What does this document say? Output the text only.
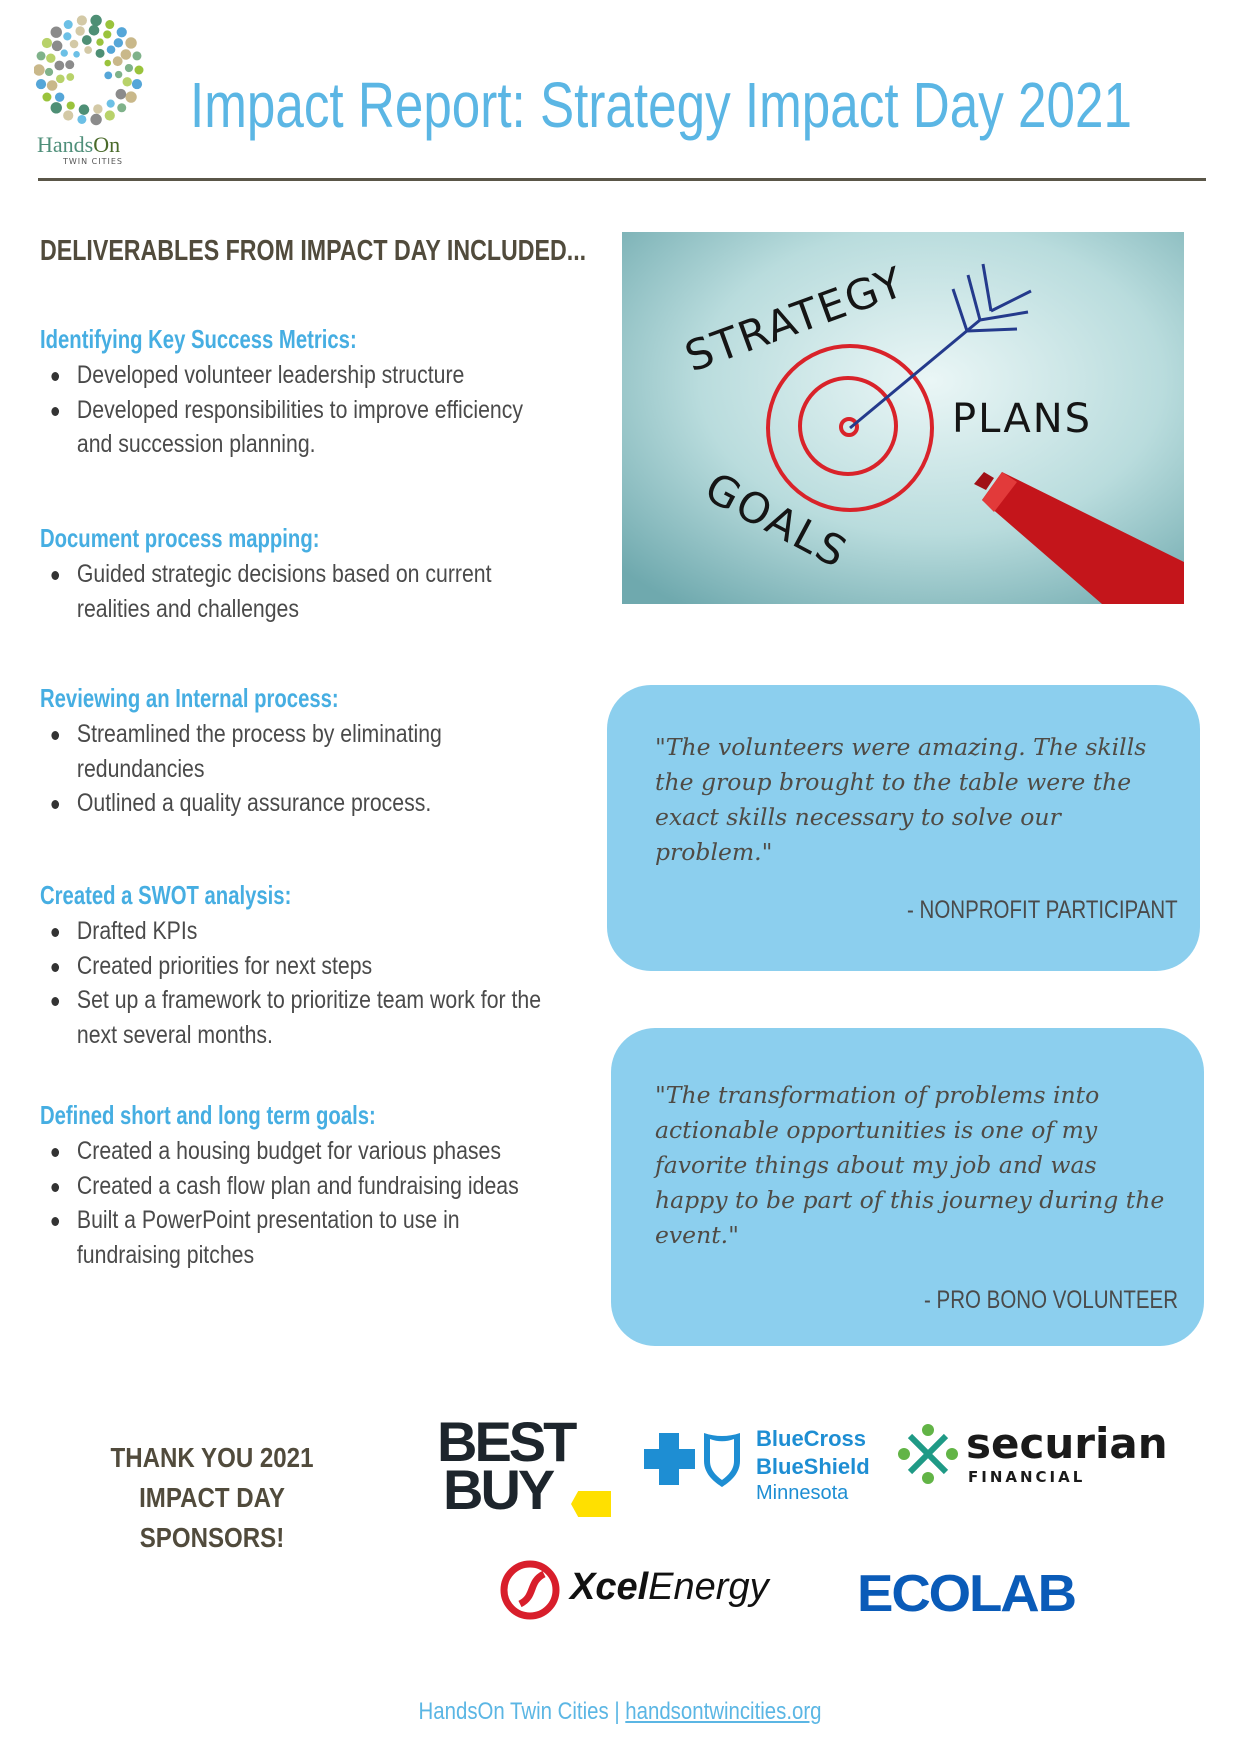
HandsOn
TWIN CITIES
Impact Report: Strategy Impact Day 2021
DELIVERABLES FROM IMPACT DAY INCLUDED...
Identifying Key Success Metrics:
Developed volunteer leadership structure
Developed responsibilities to improve efficiency and succession planning.
Document process mapping:
Guided strategic decisions based on current realities and challenges
Reviewing an Internal process:
Streamlined the process by eliminating redundancies
Outlined a quality assurance process.
Created a SWOT analysis:
Drafted KPIs
Created priorities for next steps
Set up a framework to prioritize team work for the next several months.
Defined short and long term goals:
Created a housing budget for various phases
Created a cash flow plan and fundraising ideas
Built a PowerPoint presentation to use in fundraising pitches
STRATEGY
PLANS
GOALS
"The volunteers were amazing. The skills the group brought to the table were the exact skills necessary to solve our problem."
- NONPROFIT PARTICIPANT
"The transformation of problems into actionable opportunities is one of my favorite things about my job and was happy to be part of this journey during the event."
- PRO BONO VOLUNTEER
THANK YOU 2021 IMPACT DAY SPONSORS!
BEST
BUY
BlueCross
BlueShield
Minnesota
securian
FINANCIAL
XcelEnergy ECOLAB
HandsOn Twin Cities | handsontwincities.org
